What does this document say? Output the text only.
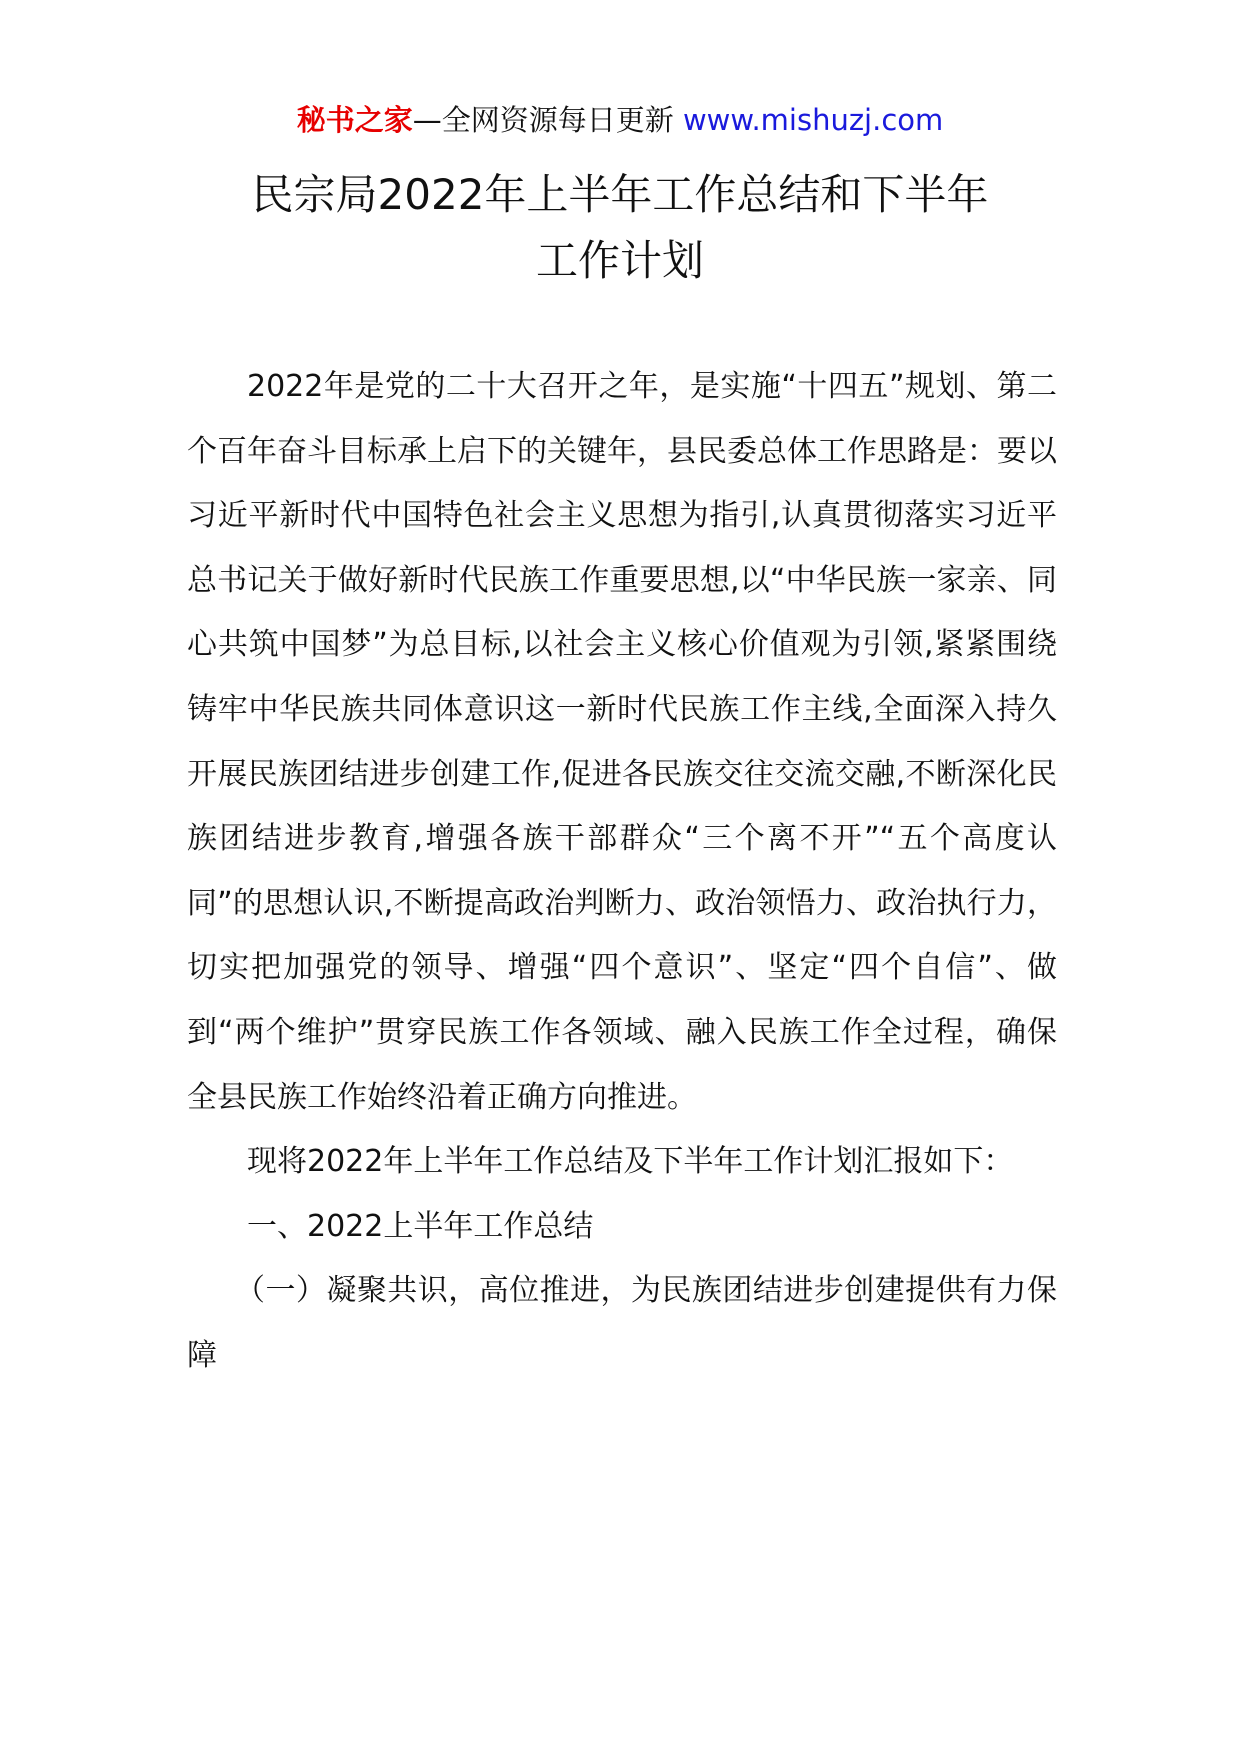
秘书之家—全网资源每日更新 www.mishuzj.com
民宗局2022年上半年工作总结和下半年
工作计划

2022年是党的二十大召开之年，是实施“十四五”规划、第二个百年奋斗目标承上启下的关键年，县民委总体工作思路是：要以习近平新时代中国特色社会主义思想为指引,认真贯彻落实习近平总书记关于做好新时代民族工作重要思想,以“中华民族一家亲、同心共筑中国梦”为总目标,以社会主义核心价值观为引领,紧紧围绕铸牢中华民族共同体意识这一新时代民族工作主线,全面深入持久开展民族团结进步创建工作,促进各民族交往交流交融,不断深化民族团结进步教育,增强各族干部群众“三个离不开”“五个高度认同”的思想认识,不断提高政治判断力、政治领悟力、政治执行力，切实把加强党的领导、增强“四个意识”、坚定“四个自信”、做到“两个维护”贯穿民族工作各领域、融入民族工作全过程，确保全县民族工作始终沿着正确方向推进。

现将2022年上半年工作总结及下半年工作计划汇报如下：

一、2022上半年工作总结

（一）凝聚共识，高位推进，为民族团结进步创建提供有力保障
